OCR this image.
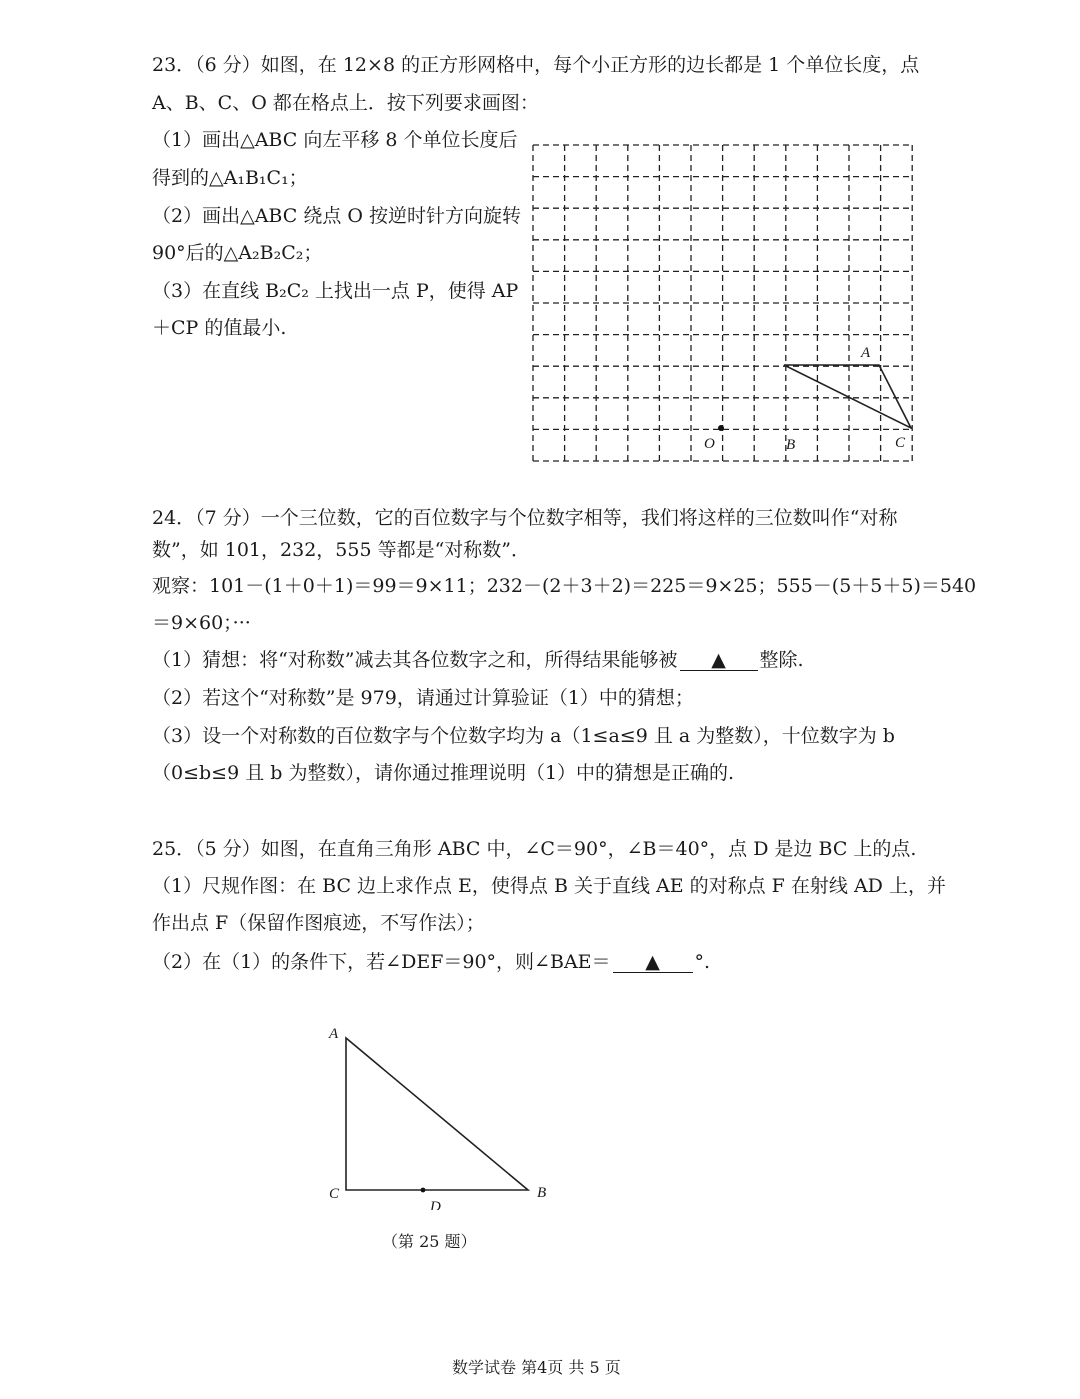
23．（6 分）如图，在 12×8 的正方形网格中，每个小正方形的边长都是 1 个单位长度，点
A、B、C、O 都在格点上．按下列要求画图：
（1）画出△ABC 向左平移 8 个单位长度后
得到的△A₁B₁C₁；
（2）画出△ABC 绕点 O 按逆时针方向旋转
90°后的△A₂B₂C₂；
（3）在直线 B₂C₂ 上找出一点 P，使得 AP
＋CP 的值最小.
A
B	C
O
24．（7 分）一个三位数，它的百位数字与个位数字相等，我们将这样的三位数叫作“对称
数”，如 101，232，555 等都是“对称数”．
观察：101－(1＋0＋1)＝99＝9×11；232－(2＋3＋2)＝225＝9×25；555－(5＋5＋5)＝540
＝9×60；···
（1）猜想：将“对称数”减去其各位数字之和，所得结果能够被 ▲ 整除.
（2）若这个“对称数”是 979，请通过计算验证（1）中的猜想；
（3）设一个对称数的百位数字与个位数字均为 a（1≤a≤9 且 a 为整数），十位数字为 b
（0≤b≤9 且 b 为整数），请你通过推理说明（1）中的猜想是正确的.
25．（5 分）如图，在直角三角形 ABC 中，∠C＝90°，∠B＝40°，点 D 是边 BC 上的点.
（1）尺规作图：在 BC 边上求作点 E，使得点 B 关于直线 AE 的对称点 F 在射线 AD 上，并
作出点 F（保留作图痕迹，不写作法）；
（2）在（1）的条件下，若∠DEF＝90°，则∠BAE＝ ▲ °.
A
C	B
D
（第 25 题）
数学试卷 第4页 共 5 页
